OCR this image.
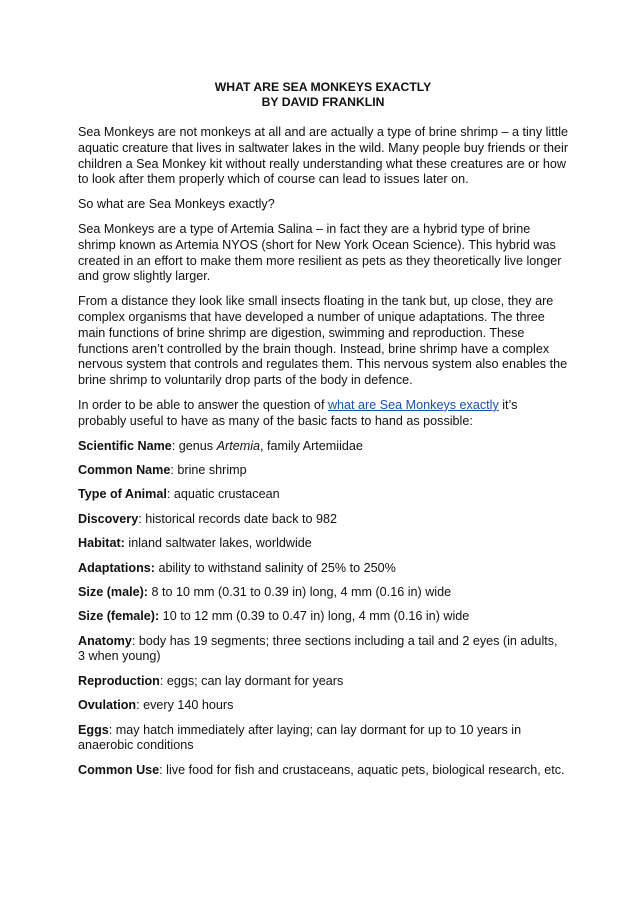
WHAT ARE SEA MONKEYS EXACTLY
BY DAVID FRANKLIN

Sea Monkeys are not monkeys at all and are actually a type of brine shrimp – a tiny little aquatic creature that lives in saltwater lakes in the wild. Many people buy friends or their children a Sea Monkey kit without really understanding what these creatures are or how to look after them properly which of course can lead to issues later on.

So what are Sea Monkeys exactly?

Sea Monkeys are a type of Artemia Salina – in fact they are a hybrid type of brine shrimp known as Artemia NYOS (short for New York Ocean Science). This hybrid was created in an effort to make them more resilient as pets as they theoretically live longer and grow slightly larger.

From a distance they look like small insects floating in the tank but, up close, they are complex organisms that have developed a number of unique adaptations. The three main functions of brine shrimp are digestion, swimming and reproduction. These functions aren’t controlled by the brain though. Instead, brine shrimp have a complex nervous system that controls and regulates them. This nervous system also enables the brine shrimp to voluntarily drop parts of the body in defence.

In order to be able to answer the question of what are Sea Monkeys exactly it’s probably useful to have as many of the basic facts to hand as possible:

Scientific Name: genus Artemia, family Artemiidae
Common Name: brine shrimp
Type of Animal: aquatic crustacean
Discovery: historical records date back to 982
Habitat: inland saltwater lakes, worldwide
Adaptations: ability to withstand salinity of 25% to 250%
Size (male): 8 to 10 mm (0.31 to 0.39 in) long, 4 mm (0.16 in) wide
Size (female): 10 to 12 mm (0.39 to 0.47 in) long, 4 mm (0.16 in) wide
Anatomy: body has 19 segments; three sections including a tail and 2 eyes (in adults, 3 when young)
Reproduction: eggs; can lay dormant for years
Ovulation: every 140 hours
Eggs: may hatch immediately after laying; can lay dormant for up to 10 years in anaerobic conditions
Common Use: live food for fish and crustaceans, aquatic pets, biological research, etc.
